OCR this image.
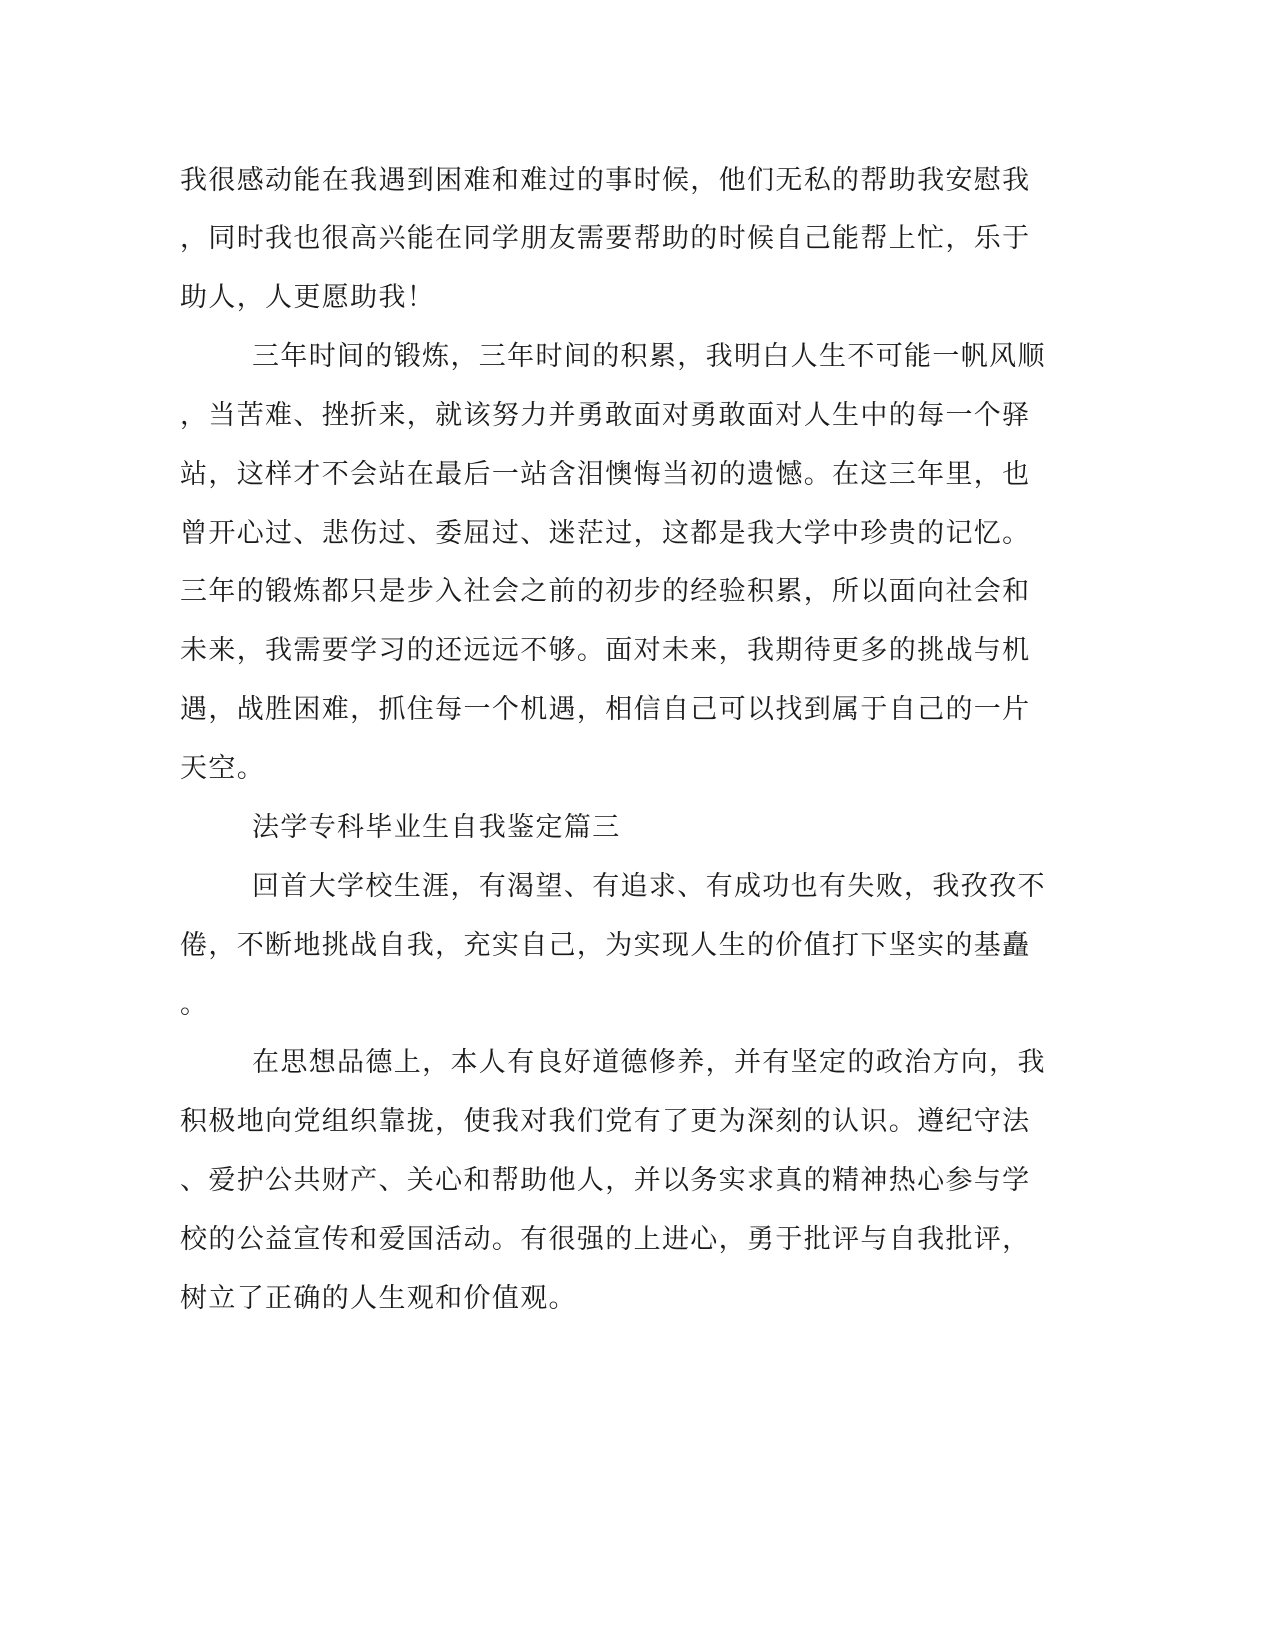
我很感动能在我遇到困难和难过的事时候，他们无私的帮助我安慰我
，同时我也很高兴能在同学朋友需要帮助的时候自己能帮上忙，乐于
助人，人更愿助我！
三年时间的锻炼，三年时间的积累，我明白人生不可能一帆风顺
，当苦难、挫折来，就该努力并勇敢面对勇敢面对人生中的每一个驿
站，这样才不会站在最后一站含泪懊悔当初的遗憾。在这三年里，也
曾开心过、悲伤过、委屈过、迷茫过，这都是我大学中珍贵的记忆。
三年的锻炼都只是步入社会之前的初步的经验积累，所以面向社会和
未来，我需要学习的还远远不够。面对未来，我期待更多的挑战与机
遇，战胜困难，抓住每一个机遇，相信自己可以找到属于自己的一片
天空。
法学专科毕业生自我鉴定篇三
回首大学校生涯，有渴望、有追求、有成功也有失败，我孜孜不
倦，不断地挑战自我，充实自己，为实现人生的价值打下坚实的基矗
。
在思想品德上，本人有良好道德修养，并有坚定的政治方向，我
积极地向党组织靠拢，使我对我们党有了更为深刻的认识。遵纪守法
、爱护公共财产、关心和帮助他人，并以务实求真的精神热心参与学
校的公益宣传和爱国活动。有很强的上进心，勇于批评与自我批评，
树立了正确的人生观和价值观。
